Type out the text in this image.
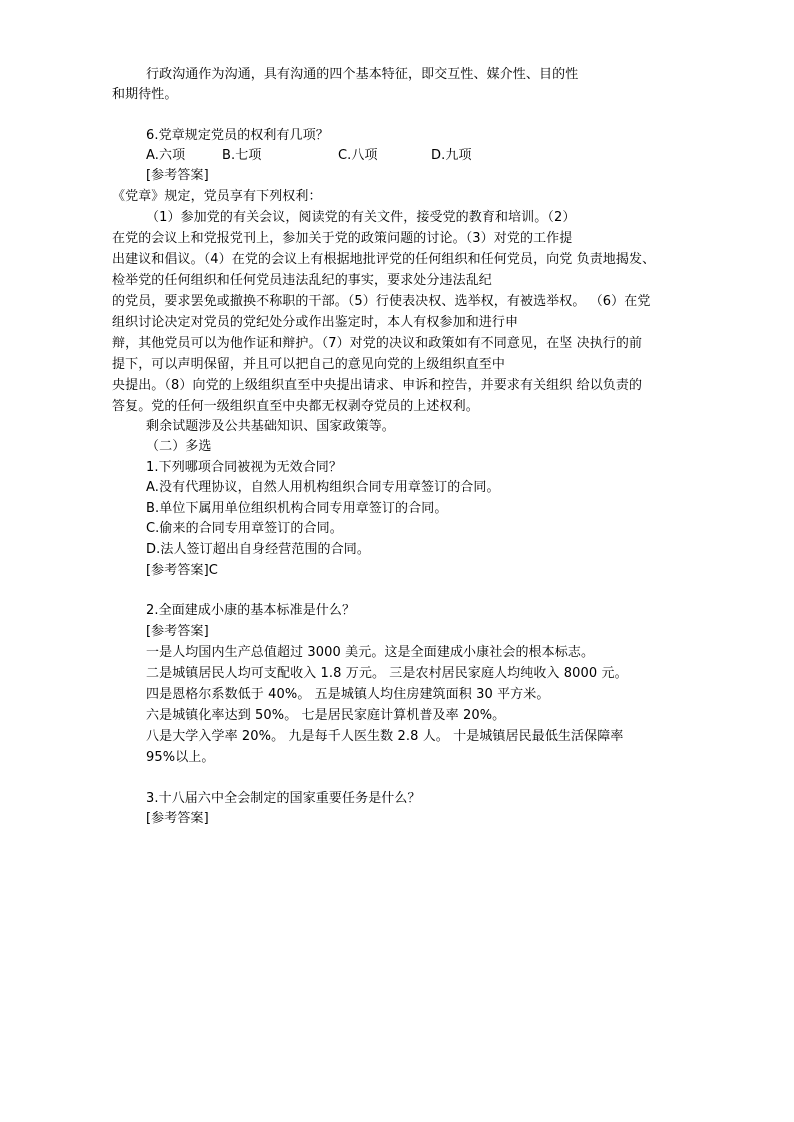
行政沟通作为沟通，具有沟通的四个基本特征，即交互性、媒介性、目的性
和期待性。
6.党章规定党员的权利有几项？
A.六项	B.七项	C.八项	D.九项
[参考答案]
《党章》规定，党员享有下列权利：
（1）参加党的有关会议，阅读党的有关文件，接受党的教育和培训。（2）
在党的会议上和党报党刊上，参加关于党的政策问题的讨论。（3）对党的工作提
出建议和倡议。（4）在党的会议上有根据地批评党的任何组织和任何党员，向党 负责地揭发、
检举党的任何组织和任何党员违法乱纪的事实，要求处分违法乱纪
的党员，要求罢免或撤换不称职的干部。（5）行使表决权、选举权，有被选举权。 （6）在党
组织讨论决定对党员的党纪处分或作出鉴定时，本人有权参加和进行申
辩，其他党员可以为他作证和辩护。（7）对党的决议和政策如有不同意见，在坚 决执行的前
提下，可以声明保留，并且可以把自己的意见向党的上级组织直至中
央提出。（8）向党的上级组织直至中央提出请求、申诉和控告，并要求有关组织 给以负责的
答复。党的任何一级组织直至中央都无权剥夺党员的上述权利。
剩余试题涉及公共基础知识、国家政策等。
（二）多选
1.下列哪项合同被视为无效合同？
A.没有代理协议，自然人用机构组织合同专用章签订的合同。
B.单位下属用单位组织机构合同专用章签订的合同。
C.偷来的合同专用章签订的合同。
D.法人签订超出自身经营范围的合同。
[参考答案]C
2.全面建成小康的基本标准是什么？
[参考答案]
一是人均国内生产总值超过 3000 美元。这是全面建成小康社会的根本标志。
二是城镇居民人均可支配收入 1.8 万元。 三是农村居民家庭人均纯收入 8000 元。
四是恩格尔系数低于 40%。 五是城镇人均住房建筑面积 30 平方米。
六是城镇化率达到 50%。 七是居民家庭计算机普及率 20%。
八是大学入学率 20%。 九是每千人医生数 2.8 人。 十是城镇居民最低生活保障率
95%以上。
3.十八届六中全会制定的国家重要任务是什么？
[参考答案]
